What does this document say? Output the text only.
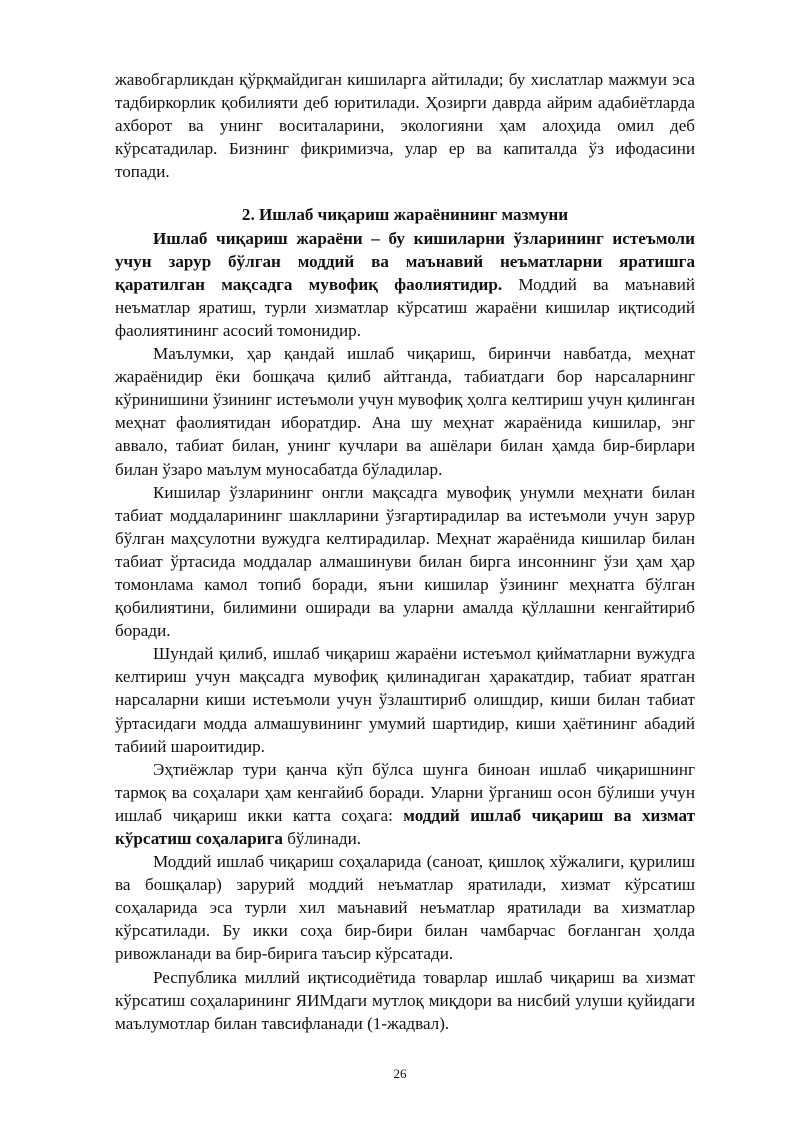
жавобгарликдан қўрқмайдиган кишиларга айтилади; бу хислатлар мажмуи эса тадбиркорлик қобилияти деб юритилади. Ҳозирги даврда айрим адабиётларда ахборот ва унинг воситаларини, экологияни ҳам алоҳида омил деб кўрсатадилар. Бизнинг фикримизча, улар ер ва капиталда ўз ифодасини топади.

2. Ишлаб чиқариш жараёнининг мазмуни

Ишлаб чиқариш жараёни – бу кишиларни ўзларининг истеъмоли учун зарур бўлган моддий ва маънавий неъматларни яратишга қаратилган мақсадга мувофиқ фаолиятидир. Моддий ва маънавий неъматлар яратиш, турли хизматлар кўрсатиш жараёни кишилар иқтисодий фаолиятининг асосий томонидир.

Маълумки, ҳар қандай ишлаб чиқариш, биринчи навбатда, меҳнат жараёнидир ёки бошқача қилиб айтганда, табиатдаги бор нарсаларнинг кўринишини ўзининг истеъмоли учун мувофиқ ҳолга келтириш учун қилинган меҳнат фаолиятидан иборатдир. Ана шу меҳнат жараёнида кишилар, энг аввало, табиат билан, унинг кучлари ва ашёлари билан ҳамда бир-бирлари билан ўзаро маълум муносабатда бўладилар.

Кишилар ўзларининг онгли мақсадга мувофиқ унумли меҳнати билан табиат моддаларининг шаклларини ўзгартирадилар ва истеъмоли учун зарур бўлган маҳсулотни вужудга келтирадилар. Меҳнат жараёнида кишилар билан табиат ўртасида моддалар алмашинуви билан бирга инсоннинг ўзи ҳам ҳар томонлама камол топиб боради, яъни кишилар ўзининг меҳнатга бўлган қобилиятини, билимини оширади ва уларни амалда қўллашни кенгайтириб боради.

Шундай қилиб, ишлаб чиқариш жараёни истеъмол қийматларни вужудга келтириш учун мақсадга мувофиқ қилинадиган ҳаракатдир, табиат яратган нарсаларни киши истеъмоли учун ўзлаштириб олишдир, киши билан табиат ўртасидаги модда алмашувининг умумий шартидир, киши ҳаётининг абадий табиий шароитидир.

Эҳтиёжлар тури қанча кўп бўлса шунга биноан ишлаб чиқаришнинг тармоқ ва соҳалари ҳам кенгайиб боради. Уларни ўрганиш осон бўлиши учун ишлаб чиқариш икки катта соҳага: моддий ишлаб чиқариш ва хизмат кўрсатиш соҳаларига бўлинади.

Моддий ишлаб чиқариш соҳаларида (саноат, қишлоқ хўжалиги, қурилиш ва бошқалар) зарурий моддий неъматлар яратилади, хизмат кўрсатиш соҳаларида эса турли хил маънавий неъматлар яратилади ва хизматлар кўрсатилади. Бу икки соҳа бир-бири билан чамбарчас боғланган ҳолда ривожланади ва бир-бирига таъсир кўрсатади.

Республика миллий иқтисодиётида товарлар ишлаб чиқариш ва хизмат кўрсатиш соҳаларининг ЯИМдаги мутлоқ миқдори ва нисбий улуши қуйидаги маълумотлар билан тавсифланади (1-жадвал).

26
